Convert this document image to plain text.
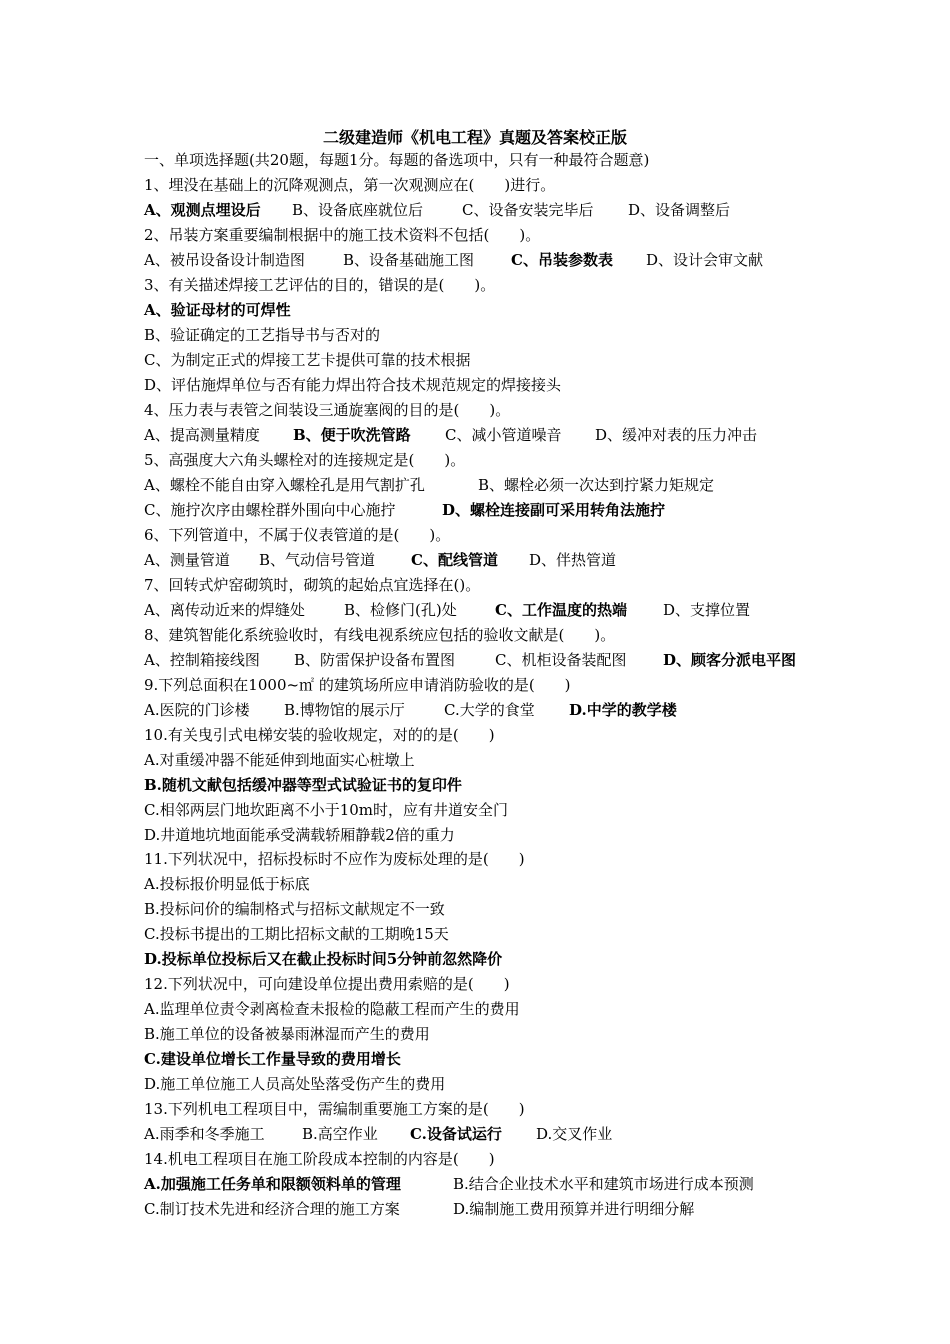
二级建造师《机电工程》真题及答案校正版
一、单项选择题(共20题，每题1分。每题的备选项中，只有一种最符合题意)
1、埋没在基础上的沉降观测点，第一次观测应在(　　)进行。
A、观测点埋设后 B、设备底座就位后	C、设备安装完毕后 D、设备调整后
2、吊装方案重要编制根据中的施工技术资料不包括(　　)。
A、被吊设备设计制造图	B、设备基础施工图 C、吊装参数表 D、设计会审文献
3、有关描述焊接工艺评估的目的，错误的是(　　)。
A、验证母材的可焊性
B、验证确定的工艺指导书与否对的
C、为制定正式的焊接工艺卡提供可靠的技术根据
D、评估施焊单位与否有能力焊出符合技术规范规定的焊接接头
4、压力表与表管之间装设三通旋塞阀的目的是(　　)。
A、提高测量精度 B、便于吹洗管路 C、减小管道噪音 D、缓冲对表的压力冲击
5、高强度大六角头螺栓对的连接规定是(　　)。
A、螺栓不能自由穿入螺栓孔是用气割扩孔	B、螺栓必须一次达到拧紧力矩规定
C、施拧次序由螺栓群外围向中心施拧	D、螺栓连接副可采用转角法施拧
6、下列管道中，不属于仪表管道的是(　　)。
A、测量管道 B、气动信号管道 C、配线管道 D、伴热管道
7、回转式炉窑砌筑时，砌筑的起始点宜选择在()。
A、离传动近来的焊缝处	B、检修门(孔)处	C、工作温度的热端 D、支撑位置
8、建筑智能化系统验收时，有线电视系统应包括的验收文献是(　　)。
A、控制箱接线图 B、防雷保护设备布置图	C、机柜设备装配图 D、顾客分派电平图
9.下列总面积在1000~㎡ 的建筑场所应申请消防验收的是(　　)
A.医院的门诊楼 B.博物馆的展示厅	C.大学的食堂 D.中学的教学楼
10.有关曳引式电梯安装的验收规定，对的的是(　　)
A.对重缓冲器不能延伸到地面实心桩墩上
B.随机文献包括缓冲器等型式试验证书的复印件
C.相邻两层门地坎距离不小于10m时，应有井道安全门
D.井道地坑地面能承受满载轿厢静载2倍的重力
11.下列状况中，招标投标时不应作为废标处理的是(　　)
A.投标报价明显低于标底
B.投标问价的编制格式与招标文献规定不一致
C.投标书提出的工期比招标文献的工期晚15天
D.投标单位投标后又在截止投标时间5分钟前忽然降价
12.下列状况中，可向建设单位提出费用索赔的是(　　)
A.监理单位责令剥离检查未报检的隐蔽工程而产生的费用
B.施工单位的设备被暴雨淋湿而产生的费用
C.建设单位增长工作量导致的费用增长
D.施工单位施工人员高处坠落受伤产生的费用
13.下列机电工程项目中，需编制重要施工方案的是(　　)
A.雨季和冬季施工 B.高空作业 C.设备试运行 D.交叉作业
14.机电工程项目在施工阶段成本控制的内容是(　　)
A.加强施工任务单和限额领料单的管理	B.结合企业技术水平和建筑市场进行成本预测
C.制订技术先进和经济合理的施工方案	D.编制施工费用预算并进行明细分解
